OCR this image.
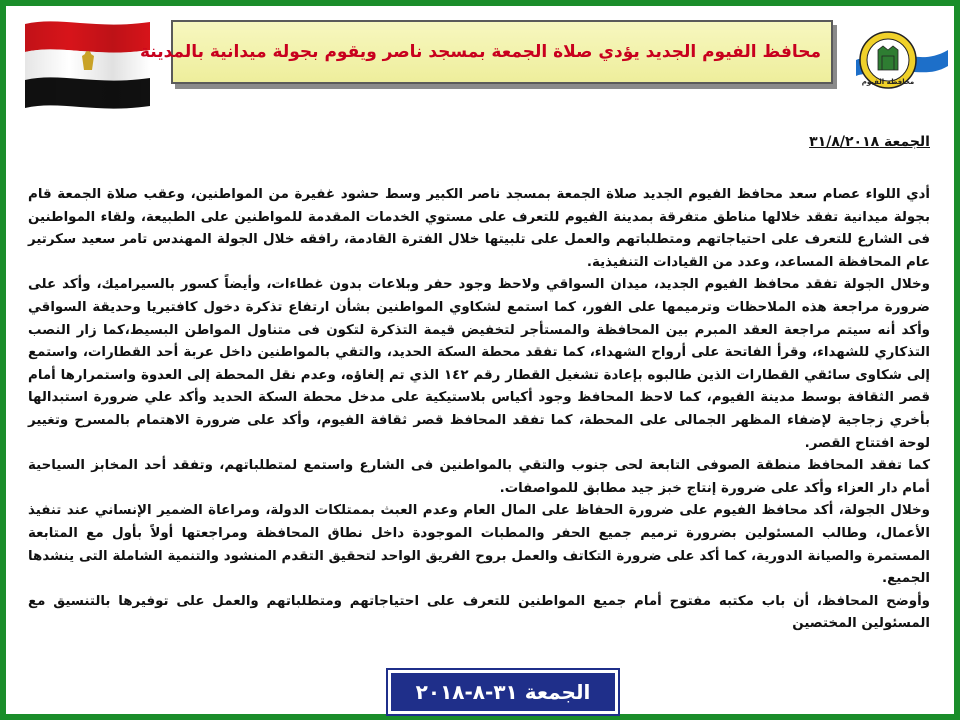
محافظ الفيوم الجديد يؤدي صلاة الجمعة بمسجد ناصر ويقوم بجولة ميدانية بالمدينة
محافظة الفيوم
الجمعة ٣١/٨/٢٠١٨

أدي اللواء عصام سعد محافظ الفيوم الجديد صلاة الجمعة بمسجد ناصر الكبير وسط حشود غفيرة من المواطنين، وعقب صلاة الجمعة قام بجولة ميدانية تفقد خلالها مناطق متفرقة بمدينة الفيوم للتعرف على مستوي الخدمات المقدمة للمواطنين على الطبيعة، ولقاء المواطنين فى الشارع للتعرف على احتياجاتهم ومتطلباتهم والعمل على تلبيتها خلال الفترة القادمة، رافقه خلال الجولة المهندس تامر سعيد سكرتير عام المحافظة المساعد، وعدد من القيادات التنفيذية.

وخلال الجولة تفقد محافظ الفيوم الجديد، ميدان السواقي ولاحظ وجود حفر وبلاعات بدون غطاءات، وأيضاً كسور بالسيراميك، وأكد على ضرورة مراجعة هذه الملاحظات وترميمها على الفور، كما استمع لشكاوي المواطنين بشأن ارتفاع تذكرة دخول كافتيريا وحديقة السواقي وأكد أنه سيتم مراجعة العقد المبرم بين المحافظة والمستأجر لتخفيض قيمة التذكرة لتكون فى متناول المواطن البسيط،كما زار النصب التذكاري للشهداء، وقرأ الفاتحة على أرواح الشهداء، كما تفقد محطة السكة الحديد، والتقي بالمواطنين داخل عربة أحد القطارات، واستمع إلى شكاوى سائقي القطارات الذين طالبوه بإعادة تشغيل القطار رقم ١٤٢ الذي تم إلغاؤه، وعدم نقل المحطة إلى العدوة واستمرارها أمام قصر الثقافة بوسط مدينة الفيوم، كما لاحظ المحافظ وجود أكياس بلاستيكية على مدخل محطة السكة الحديد وأكد علي ضرورة استبدالها بأخري زجاجية لإضفاء المظهر الجمالى على المحطة، كما تفقد المحافظ قصر ثقافة الفيوم، وأكد على ضرورة الاهتمام بالمسرح وتغيير لوحة افتتاح القصر.

كما تفقد المحافظ منطقة الصوفى التابعة لحى جنوب والتقي بالمواطنين فى الشارع واستمع لمتطلباتهم، وتفقد أحد المخابز السياحية أمام دار العزاء وأكد على ضرورة إنتاج خبز جيد مطابق للمواصفات.

وخلال الجولة، أكد محافظ الفيوم على ضرورة الحفاظ على المال العام وعدم العبث بممتلكات الدولة، ومراعاة الضمير الإنساني عند تنفيذ الأعمال، وطالب المسئولين بضرورة ترميم جميع الحفر والمطبات الموجودة داخل نطاق المحافظة ومراجعتها أولاً بأول مع المتابعة المستمرة والصيانة الدورية، كما أكد على ضرورة التكاتف والعمل بروح الفريق الواحد لتحقيق التقدم المنشود والتنمية الشاملة التى ينشدها الجميع.

وأوضح المحافظ، أن باب مكتبه مفتوح أمام جميع المواطنين للتعرف على احتياجاتهم ومتطلباتهم والعمل على توفيرها بالتنسيق مع المسئولين المختصين

الجمعة ٣١-٨-٢٠١٨
